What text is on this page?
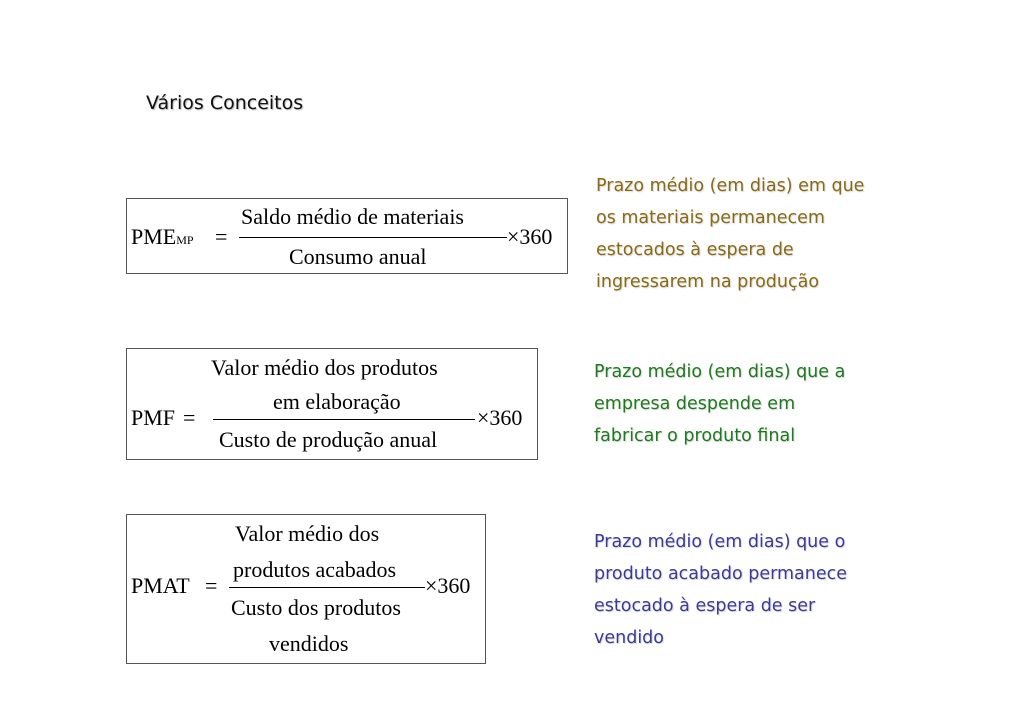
Vários Conceitos
PMEMP =
Saldo médio de materiais
Consumo anual
×360
Prazo médio (em dias) em que
os materiais permanecem
estocados à espera de
ingressarem na produção
PMF =
Valor médio dos produtos
em elaboração
Custo de produção anual
×360
Prazo médio (em dias) que a
empresa despende em
fabricar o produto final
PMAT =
Valor médio dos
produtos acabados
Custo dos produtos
vendidos
×360
Prazo médio (em dias) que o
produto acabado permanece
estocado à espera de ser
vendido
